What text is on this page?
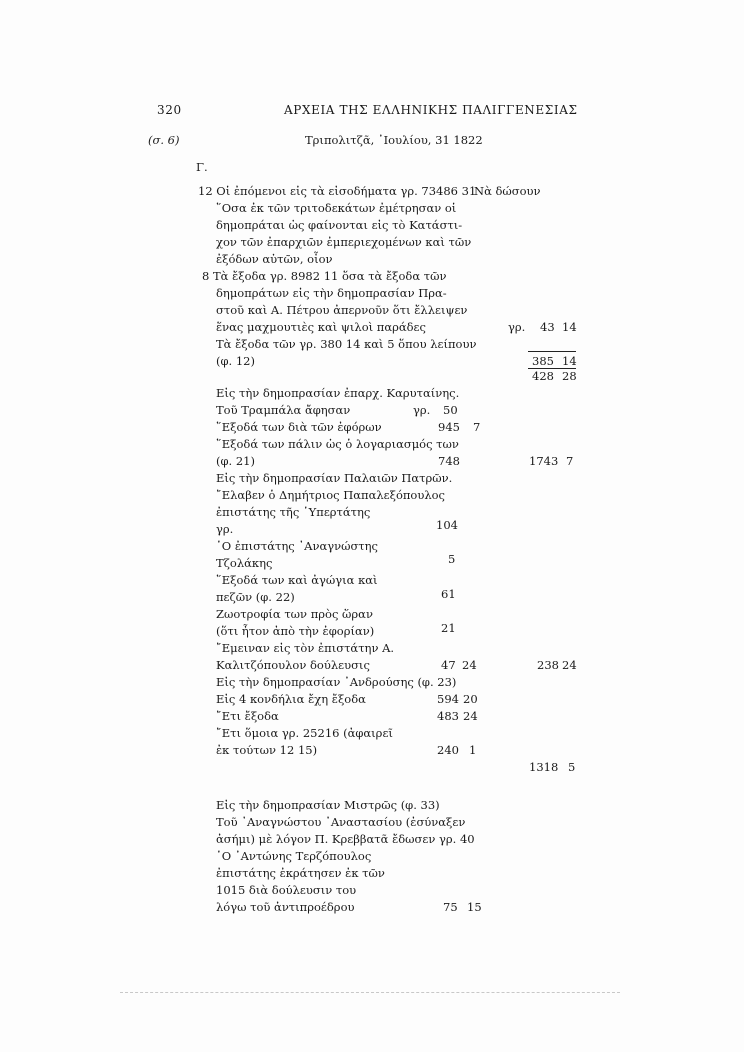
320	ΑΡΧΕΙΑ ΤΗΣ ΕΛΛΗΝΙΚΗΣ ΠΑΛΙΓΓΕΝΕΣΙΑΣ
(σ. 6)	Τριπολιτζᾶ, ᾿Ιουλίου, 31 1822
Γ.
12 Οἱ ἐπόμενοι εἰς τὰ εἰσοδήματα γρ. 73486 31
Νὰ δώσουν
῞Οσα ἐκ τῶν τριτοδεκάτων ἐμέτρησαν οἱ
δημοπράται ὡς φαίνονται εἰς τὸ Κατάστι-
χον τῶν ἐπαρχιῶν ἐμπεριεχομένων καὶ τῶν
ἐξόδων αὐτῶν, οἷον
8 Τὰ ἔξοδα γρ. 8982 11 ὅσα τὰ ἔξοδα τῶν
δημοπράτων εἰς τὴν δημοπρασίαν Πρα-
στοῦ καὶ Α. Πέτρου ἀπερνοῦν ὅτι ἔλλειψεν
ἕνας μαχμουτιὲς καὶ ψιλοὶ παράδες	γρ. 43 14
Τὰ ἔξοδα τῶν γρ. 380 14 καὶ 5 ὅπου λείπουν
(φ. 12)	385 14
428 28
Εἰς τὴν δημοπρασίαν ἐπαρχ. Καρυταίνης.
Τοῦ Τραμπάλα ἄφησαν	γρ. 50
῞Εξοδά των διὰ τῶν ἐφόρων	945 7
῞Εξοδά των πάλιν ὡς ὁ λογαριασμός των
(φ. 21)	748	1743 7
Εἰς τὴν δημοπρασίαν Παλαιῶν Πατρῶν.
῎Ελαβεν ὁ Δημήτριος Παπαλεξόπουλος
ἐπιστάτης τῆς ῾Υπερτάτης
γρ.	104
῾Ο ἐπιστάτης ᾿Αναγνώστης
Τζολάκης	5
῞Εξοδά των καὶ ἀγώγια καὶ
πεζῶν (φ. 22)	61
Ζωοτροφία των πρὸς ὥραν
(ὅτι ἦτον ἀπὸ τὴν ἐφορίαν)	21
῎Εμειναν εἰς τὸν ἐπιστάτην Α.
Καλιτζόπουλον δούλευσις	47 24	238 24
Εἰς τὴν δημοπρασίαν ᾿Ανδρούσης (φ. 23)
Εἰς 4 κονδήλια ἔχη ἔξοδα	594 20
῎Ετι ἔξοδα	483 24
῎Ετι ὅμοια γρ. 25216 (ἀφαιρεῖ
ἐκ τούτων 12 15)	240 1
1318 5
Εἰς τὴν δημοπρασίαν Μιστρῶς (φ. 33)
Τοῦ ᾿Αναγνώστου ᾿Αναστασίου (ἐσύναξεν
ἀσήμι) μὲ λόγον Π. Κρεββατᾶ ἔδωσεν γρ. 40
῾Ο ᾿Αντώνης Τερζόπουλος
ἐπιστάτης ἐκράτησεν ἐκ τῶν
1015 διὰ δούλευσιν του
λόγω τοῦ ἀντιπροέδρου	75 15
